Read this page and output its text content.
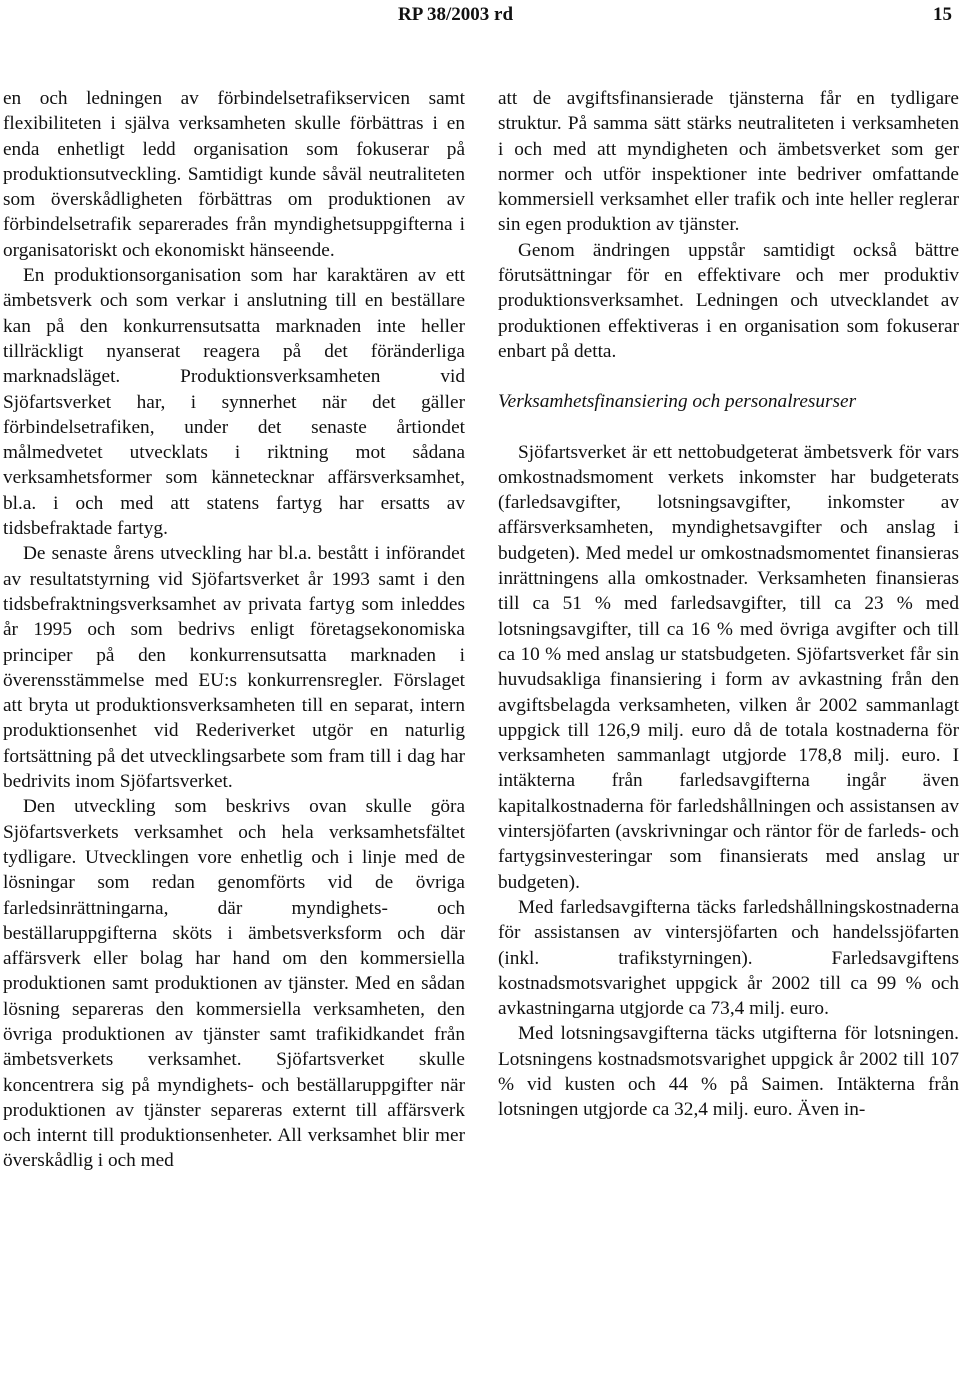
RP 38/2003 rd	15

en och ledningen av förbindelsetrafikservicen samt flexibiliteten i själva verksamheten skulle förbättras i en enda enhetligt ledd organisation som fokuserar på produktionsutveckling. Samtidigt kunde såväl neutraliteten som överskådligheten förbättras om produktionen av förbindelsetrafik separerades från myndighetsuppgifterna i organisatoriskt och ekonomiskt hänseende.

En produktionsorganisation som har karaktären av ett ämbetsverk och som verkar i anslutning till en beställare kan på den konkurrensutsatta marknaden inte heller tillräckligt nyanserat reagera på det föränderliga marknadsläget. Produktionsverksamheten vid Sjöfartsverket har, i synnerhet när det gäller förbindelsetrafiken, under det senaste årtiondet målmedvetet utvecklats i riktning mot sådana verksamhetsformer som kännetecknar affärsverksamhet, bl.a. i och med att statens fartyg har ersatts av tidsbefraktade fartyg.

De senaste årens utveckling har bl.a. bestått i införandet av resultatstyrning vid Sjöfartsverket år 1993 samt i den tidsbefraktningsverksamhet av privata fartyg som inleddes år 1995 och som bedrivs enligt företagsekonomiska principer på den konkurrensutsatta marknaden i överensstämmelse med EU:s konkurrensregler. Förslaget att bryta ut produktionsverksamheten till en separat, intern produktionsenhet vid Rederiverket utgör en naturlig fortsättning på det utvecklingsarbete som fram till i dag har bedrivits inom Sjöfartsverket.

Den utveckling som beskrivs ovan skulle göra Sjöfartsverkets verksamhet och hela verksamhetsfältet tydligare. Utvecklingen vore enhetlig och i linje med de lösningar som redan genomförts vid de övriga farledsinrättningarna, där myndighets- och beställaruppgifterna sköts i ämbetsverksform och där affärsverk eller bolag har hand om den kommersiella produktionen samt produktionen av tjänster. Med en sådan lösning separeras den kommersiella verksamheten, den övriga produktionen av tjänster samt trafikidkandet från ämbetsverkets verksamhet. Sjöfartsverket skulle koncentrera sig på myndighets- och beställaruppgifter när produktionen av tjänster separeras externt till affärsverk och internt till produktionsenheter. All verksamhet blir mer överskådlig i och med

att de avgiftsfinansierade tjänsterna får en tydligare struktur. På samma sätt stärks neutraliteten i verksamheten i och med att myndigheten och ämbetsverket som ger normer och utför inspektioner inte bedriver omfattande kommersiell verksamhet eller trafik och inte heller reglerar sin egen produktion av tjänster.

Genom ändringen uppstår samtidigt också bättre förutsättningar för en effektivare och mer produktiv produktionsverksamhet. Ledningen och utvecklandet av produktionen effektiveras i en organisation som fokuserar enbart på detta.

Verksamhetsfinansiering och personalresurser

Sjöfartsverket är ett nettobudgeterat ämbetsverk för vars omkostnadsmoment verkets inkomster har budgeterats (farledsavgifter, lotsningsavgifter, inkomster av affärsverksamheten, myndighetsavgifter och anslag i budgeten). Med medel ur omkostnadsmomentet finansieras inrättningens alla omkostnader. Verksamheten finansieras till ca 51 % med farledsavgifter, till ca 23 % med lotsningsavgifter, till ca 16 % med övriga avgifter och till ca 10 % med anslag ur statsbudgeten. Sjöfartsverket får sin huvudsakliga finansiering i form av avkastning från den avgiftsbelagda verksamheten, vilken år 2002 sammanlagt uppgick till 126,9 milj. euro då de totala kostnaderna för verksamheten sammanlagt utgjorde 178,8 milj. euro. I intäkterna från farledsavgifterna ingår även kapitalkostnaderna för farledshållningen och assistansen av vintersjöfarten (avskrivningar och räntor för de farleds- och fartygsinvesteringar som finansierats med anslag ur budgeten).

Med farledsavgifterna täcks farledshållningskostnaderna för assistansen av vintersjöfarten och handelssjöfarten (inkl. trafikstyrningen). Farledsavgiftens kostnadsmotsvarighet uppgick år 2002 till ca 99 % och avkastningarna utgjorde ca 73,4 milj. euro.

Med lotsningsavgifterna täcks utgifterna för lotsningen. Lotsningens kostnadsmotsvarighet uppgick år 2002 till 107 % vid kusten och 44 % på Saimen. Intäkterna från lotsningen utgjorde ca 32,4 milj. euro. Även in-
